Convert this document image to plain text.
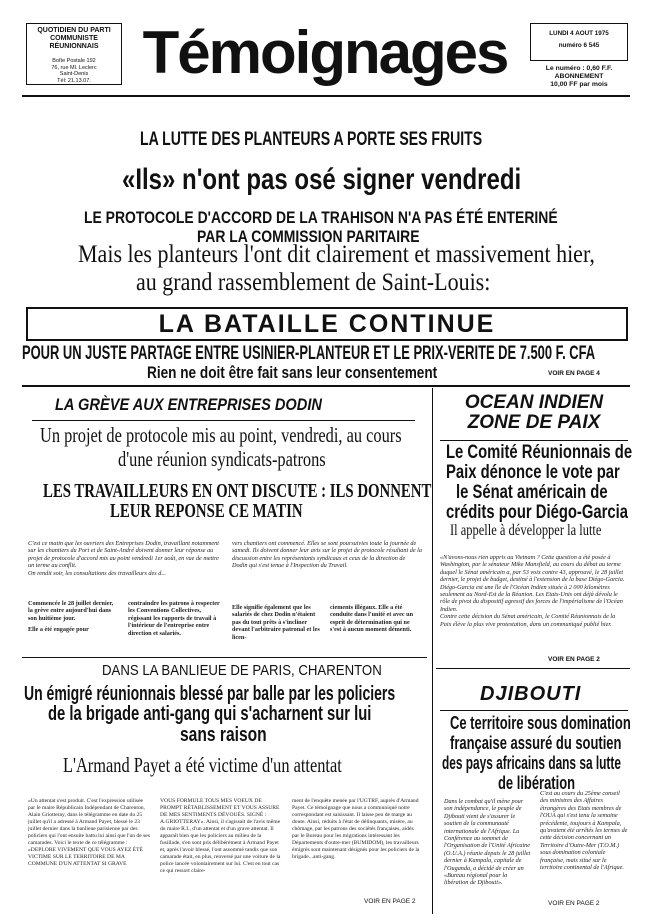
QUOTIDIEN DU PARTI
COMMUNISTE
RÉUNIONNAIS
Boîte Postale 192
76, rue Ml. Leclerc
Saint-Denis
Tél: 21.13.07. Témoignages	LUNDI 4 AOUT 1975
numéro 6 545
Le numéro : 0,60 F.F.
ABONNEMENT
10,00 FF par mois
LA LUTTE DES PLANTEURS A PORTE SES FRUITS
«Ils» n'ont pas osé signer vendredi
LE PROTOCOLE D'ACCORD DE LA TRAHISON N'A PAS ÉTÉ ENTERINÉ
PAR LA COMMISSION PARITAIRE
Mais les planteurs l'ont dit clairement et massivement hier,
au grand rassemblement de Saint-Louis:
LA BATAILLE CONTINUE
POUR UN JUSTE PARTAGE ENTRE USINIER-PLANTEUR ET LE PRIX-VERITE DE 7.500 F. CFA
Rien ne doit être fait sans leur consentement	VOIR EN PAGE 4
LA GRÈVE AUX ENTREPRISES DODIN
Un projet de protocole mis au point, vendredi, au cours
d'une réunion syndicats-patrons
LES TRAVAILLEURS EN ONT DISCUTE : ILS DONNENT
LEUR REPONSE CE MATIN
C'est ce matin que les ouvriers des Entreprises Dodin, travaillant notamment sur les chantiers du Port et de Saint-André doivent donner leur réponse au projet de protocole d'accord mis au point vendredi 1er août, en vue de mettre un terme au conflit.
On rendit soir, les consultations des travailleurs des d...
vers chantiers ont commencé. Elles se sont poursuivies toute la journée de samedi. Ils doivent donner leur avis sur le projet de protocole résultant de la discussion entre les représentants syndicaux et ceux de la direction de Dodin qui s'est tenue à l'Inspection du Travail.
Commencée le 28 juillet dernier, la grève entre aujourd'hui dans son huitième jour.
Elle a été engagée pour
contraindre les patrons à respecter les Conventions Collectives, régissant les rapports de travail à l'intérieur de l'entreprise entre direction et salariés.
Elle signifie également que les salariés de chez Dodin n'étaient pas du tout prêts à s'incliner devant l'arbitraire patronal et les licen-
ciements illégaux. Elle a été conduite dans l'unité et avec un esprit de détermination qui ne s'est à aucun moment démenti.
DANS LA BANLIEUE DE PARIS, CHARENTON
Un émigré réunionnais blessé par balle par les policiers
de la brigade anti-gang qui s'acharnent sur lui
sans raison
L'Armand Payet a été victime d'un attentat
«Un attentat s'est produit. C'est l'expression utilisée par le maire Républicain Indépendant de Charenton, Alain Griotteray, dans le télégramme en date du 25 juillet qu'il a adressé à Armand Payet, blessé le 23 juillet dernier dans la banlieue parisienne par des policiers qui l'ont ensuite battu lui ainsi que l'un de ses camarades. Voici le texte de ce télégramme : «DEPLORE VIVEMENT QUE VOUS AYEZ ÉTÉ VICTIME SUR LE TERRITOIRE DE MA COMMUNE D'UN ATTENTAT SI GRAVE
VOUS FORMULE TOUS MES VOEUX DE PROMPT RÉTABLISSEMENT ET VOUS ASSURE DE MES SENTIMENTS DÉVOUÉS. SIGNÉ : A.GRIOTTERAY». Ainsi, il s'agissait de l'avis même du maire R.I., d'un attentat et d'un grave attentat. Il apparaît bien que les policiers au milieu de la fusillade, s'en sont pris délibérément à Armand Payet et, après l'avoir blessé, l'ont assommé tandis que son camarade était, en plus, renversé par une voiture de la police lancée volontairement sur lui. C'est en tout cas ce qui ressort claire-
ment de l'enquête menée par l'UGTRF, auprès d'Armand Payet. Ce témoignage que nous a communiqué notre correspondant est saisissant. Il laisse peu de marge au doute. Ainsi, réduits à l'état de délinquants, misère, au chômage, par les patrons des sociétés françaises, aidés par le Bureau pour les migrations intéressant les Départements d'outre-mer (BUMIDOM), les travailleurs émigrés sont maintenant désignés pour les policiers de la brigade...anti-gang.
VOIR EN PAGE 2
OCEAN INDIEN
ZONE DE PAIX
Le Comité Réunionnais de
Paix dénonce le vote par
le Sénat américain de
crédits pour Diégo-Garcia
Il appelle à développer la lutte
«N'avons-nous rien appris au Vietnam ? Cette question a été posée à Washington, par le sénateur Mike Mansfield, au cours du débat au terme duquel le Sénat américain a, par 53 voix contre 43, approuvé, le 28 juillet dernier, le projet de budget, destiné à l'extension de la base Diégo-Garcia.
Diégo-Garcia est une île de l'Océan Indien située à 2 000 kilomètres seulement au Nord-Est de la Réunion. Les Etats-Unis ont déjà dévolu le rôle de pivot du dispositif agressif des forces de l'impérialisme de l'Océan Indien.
Contre cette décision du Sénat américain, le Comité Réunionnais de la Paix élève la plus vive protestation, dans un communiqué publié hier.
VOIR EN PAGE 2
DJIBOUTI
Ce territoire sous domination
française assuré du soutien
des pays africains dans sa lutte
de libération
Dans le combat qu'il mène pour son indépendance, le peuple de Djibouti vient de s'assurer le soutien de la communauté internationale de l'Afrique. La Conférence au sommet de l'Organisation de l'Unité Africaine (O.U.A.) réunie depuis le 28 juillet dernier à Kampala, capitale de l'Ouganda, a décidé de créer un «Bureau régional pour la libération de Djibouti».
C'est au cours du 25ème conseil des ministres des Affaires étrangères des Etats membres de l'OUA qui s'est tenu la semaine précédente, toujours à Kampala, qu'avaient été arrêtés les termes de cette décision concernant un Territoire d'Outre-Mer (T.O.M.) sous domination coloniale française, mais situé sur le territoire continental de l'Afrique.
VOIR EN PAGE 2
